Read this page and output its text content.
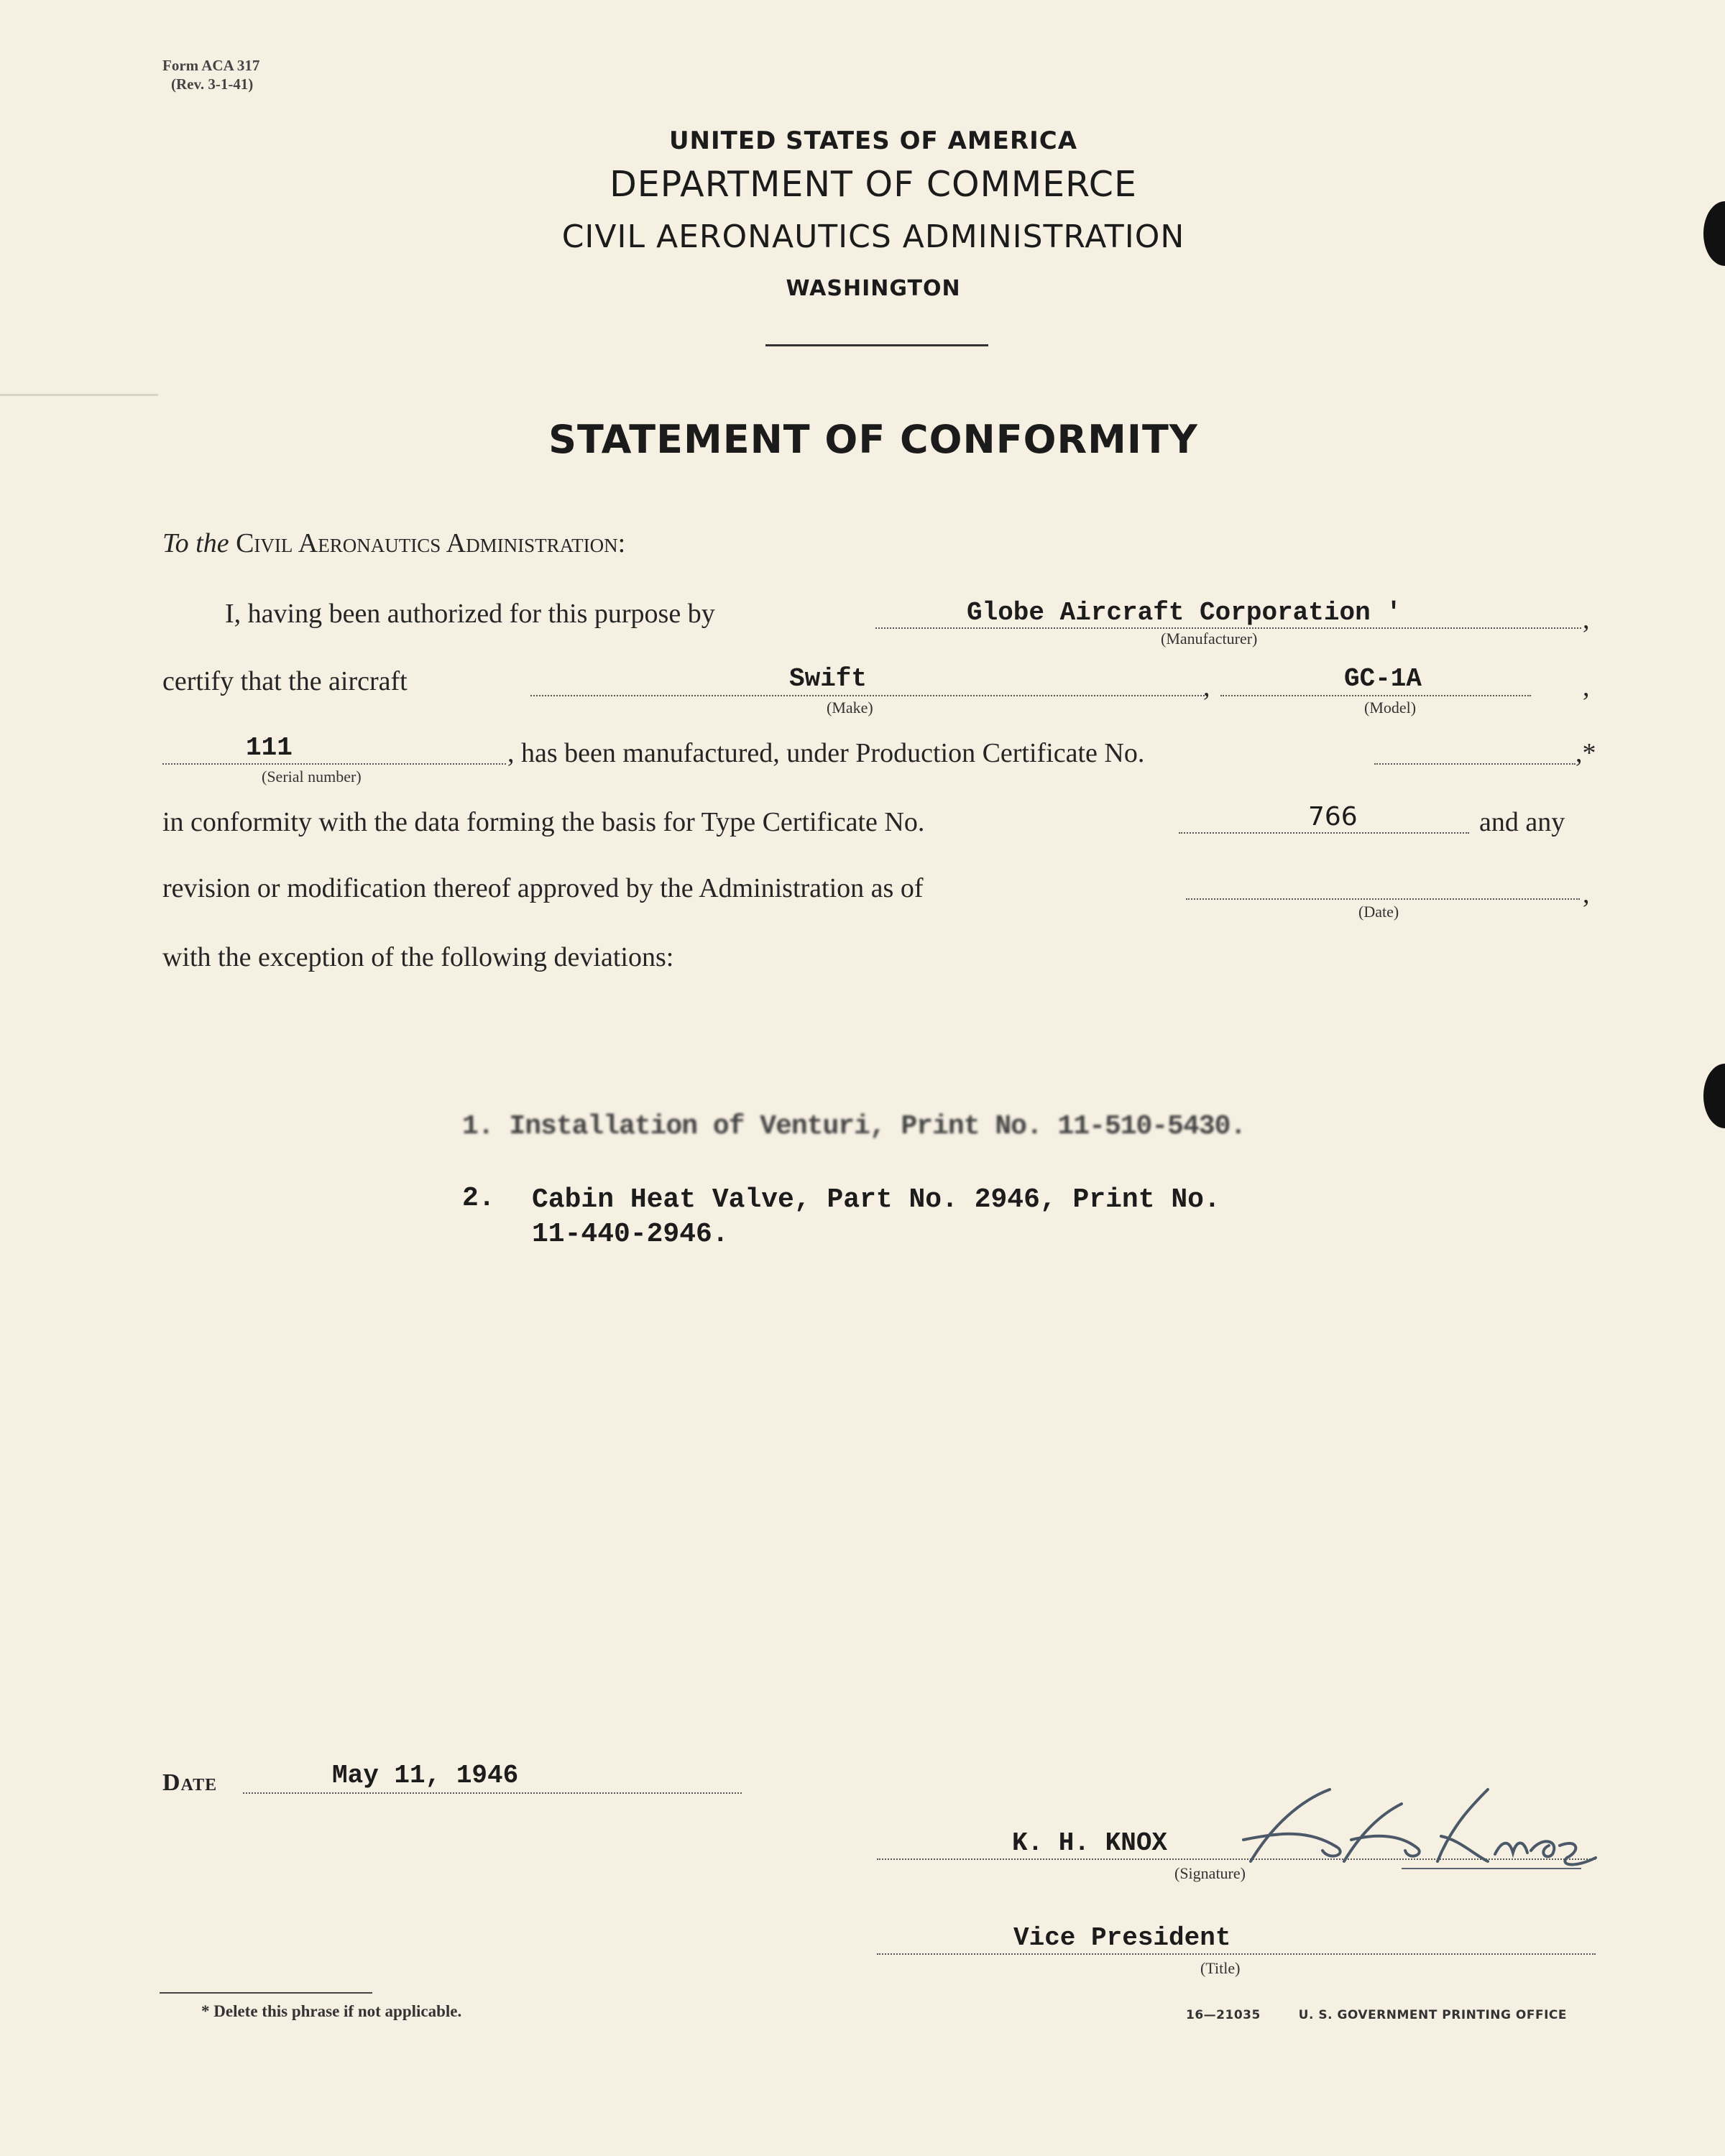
Form ACA 317
(Rev. 3-1-41)
UNITED STATES OF AMERICA
DEPARTMENT OF COMMERCE
CIVIL AERONAUTICS ADMINISTRATION
WASHINGTON
STATEMENT OF CONFORMITY
To the Civil Aeronautics Administration:
I, having been authorized for this purpose by	Globe Aircraft Corporation '	,
(Manufacturer)
certify that the aircraft	Swift	,
(Make)
GC-1A	,
(Model)
111	, has been manufactured, under Production Certificate No.	,*
(Serial number)
in conformity with the data forming the basis for Type Certificate No.	766	and any
revision or modification thereof approved by the Administration as of	,
(Date)
with the exception of the following deviations:
1. Installation of Venturi, Print No. 11-510-5430.
2. Cabin Heat Valve, Part No. 2946, Print No.
11-440-2946.
Date	May 11, 1946
K. H. KNOX
(Signature)
Vice President
(Title)
* Delete this phrase if not applicable.	16—21035	U. S. GOVERNMENT PRINTING OFFICE
